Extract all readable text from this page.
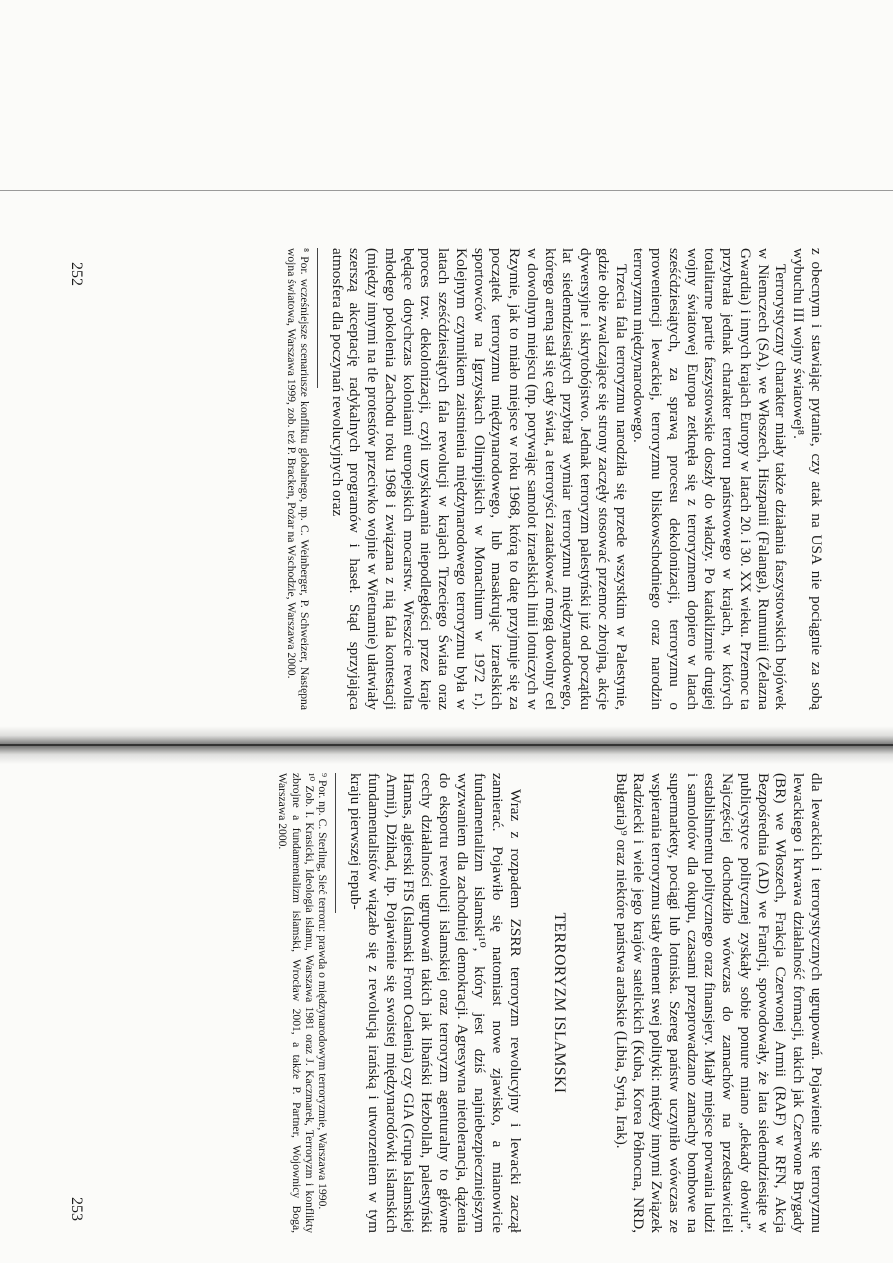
z obecnym i stawiając pytanie, czy atak na USA nie pociągnie za sobą wybuchu III wojny światowej⁸.

Terrorystyczny charakter miały także działania faszystowskich bojówek w Niemczech (SA), we Włoszech, Hiszpanii (Falanga), Rumunii (Żelazna Gwardia) i innych krajach Europy w latach 20. i 30. XX wieku. Przemoc ta przybrała jednak charakter terroru państwowego w krajach, w których totalitarne partie faszystowskie doszły do władzy. Po kataklizmie drugiej wojny światowej Europa zetknęła się z terroryzmem dopiero w latach sześćdziesiątych, za sprawą procesu dekolonizacji, terroryzmu o proweniencji lewackiej, terroryzmu bliskowschodniego oraz narodzin terroryzmu międzynarodowego.

Trzecia fala terroryzmu narodziła się przede wszystkim w Palestynie, gdzie obie zwalczające się strony zaczęły stosować przemoc zbrojną, akcje dywersyjne i skrytobójstwo. Jednak terroryzm palestyński już od początku lat siedemdziesiątych przybrał wymiar terroryzmu międzynarodowego, którego areną stał się cały świat, a terroryści zaatakować mogą dowolny cel w dowolnym miejscu (np. porywając samolot izraelskich linii lotniczych w Rzymie, jak to miało miejsce w roku 1968, którą to datę przyjmuje się za początek terroryzmu międzynarodowego, lub masakrując izraelskich sportowców na Igrzyskach Olimpijskich w Monachium w 1972 r.). Kolejnym czynnikiem zaistnienia międzynarodowego terroryzmu była w latach sześćdziesiątych fala rewolucji w krajach Trzeciego Świata oraz proces tzw. dekolonizacji, czyli uzyskiwania niepodległości przez kraje będące dotychczas koloniami europejskich mocarstw. Wreszcie rewolta młodego pokolenia Zachodu roku 1968 i związana z nią fala kontestacji (między innymi na tle protestów przeciwko wojnie w Wietnamie) ułatwiały szerszą akceptację radykalnych programów i haseł. Stąd sprzyjająca atmosfera dla poczynań rewolucyjnych oraz

⁸ Por. wcześniejsze scenariusze konfliktu globalnego, np. C. Weinberger, P. Schweizer, Następna wojna światowa, Warszawa 1999, zob. też P. Bracken, Pożar na Wschodzie, Warszawa 2000.

252

dla lewackich i terrorystycznych ugrupowań. Pojawienie się terroryzmu lewackiego i krwawa działalność formacji, takich jak Czerwone Brygady (BR) we Włoszech, Frakcja Czerwonej Armii (RAF) w RFN, Akcja Bezpośrednia (AD) we Francji, spowodowały, że lata siedemdziesiąte w publicystyce politycznej zyskały sobie ponure miano „dekady ołowiu”. Najczęściej dochodziło wówczas do zamachów na przedstawicieli establishmentu politycznego oraz finansjery. Miały miejsce porwania ludzi i samolotów dla okupu, czasami przeprowadzano zamachy bombowe na supermarkety, pociągi lub lotniska. Szereg państw uczyniło wówczas ze wspierania terroryzmu stały element swej polityki: między innymi Związek Radziecki i wiele jego krajów satelickich (Kuba, Korea Północna, NRD, Bułgaria)⁹ oraz niektóre państwa arabskie (Libia, Syria, Irak).

TERRORYZM ISLAMSKI

Wraz z rozpadem ZSRR terroryzm rewolucyjny i lewacki zaczął zamierać. Pojawiło się natomiast nowe zjawisko, a mianowicie fundamentalizm islamski¹⁰, który jest dziś najniebezpieczniejszym wyzwaniem dla zachodniej demokracji. Agresywna nietolerancja, dążenia do eksportu rewolucji islamskiej oraz terroryzm agenturalny to główne cechy działalności ugrupowań takich jak libański Hezbollah, palestyński Hamas, algierski FIS (Islamski Front Ocalenia) czy GIA (Grupa Islamskiej Armii), Dżihad, itp. Pojawienie się swoistej międzynarodówki islamskich fundamentalistów wiązało się z rewolucją irańską i utworzeniem w tym kraju pierwszej repub-

⁹ Por. np. C. Sterling, Sieć terroru: prawda o międzynarodowym terroryzmie, Warszawa 1990.

¹⁰ Zob. I. Krasicki, Ideologia islamu, Warszawa 1981 oraz J. Kaczmarek, Terroryzm i konflikty zbrojne a fundamentalizm islamski, Wrocław 2001, a także P. Partner, Wojownicy Boga, Warszawa 2000.

253
